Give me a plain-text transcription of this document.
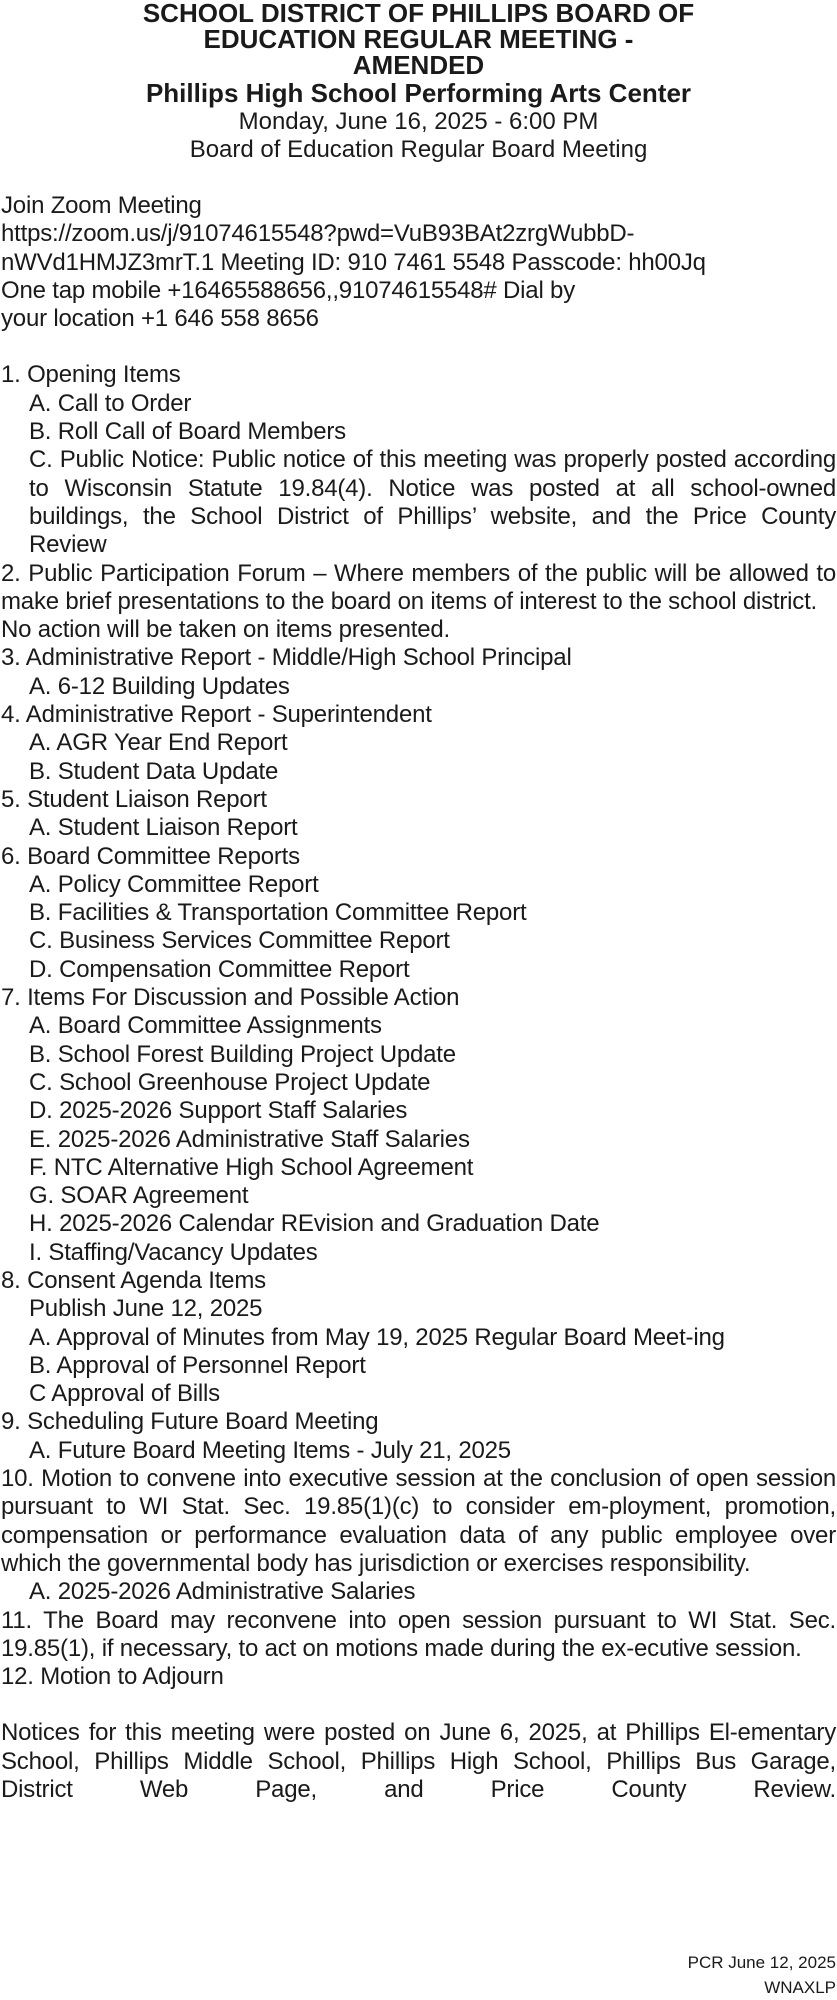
SCHOOL DISTRICT OF PHILLIPS BOARD OF
EDUCATION REGULAR MEETING -
AMENDED
Phillips High School Performing Arts Center
Monday, June 16, 2025 - 6:00 PM
Board of Education Regular Board Meeting
Join Zoom Meeting
https://zoom.us/j/91074615548?pwd=VuB93BAt2zrgWubbD-
nWVd1HMJZ3mrT.1 Meeting ID: 910 7461 5548 Passcode: hh00Jq
One tap mobile +16465588656,,91074615548# Dial by
your location +1 646 558 8656

1. Opening Items

A. Call to Order

B. Roll Call of Board Members

C. Public Notice: Public notice of this meeting was properly posted according to Wisconsin Statute 19.84(4). Notice was posted at all school-owned buildings, the School District of Phillips’ website, and the Price County Review

2. Public Participation Forum – Where members of the public will be allowed to make brief presentations to the board on items of interest to the school district.

No action will be taken on items presented.

3. Administrative Report - Middle/High School Principal

A. 6-12 Building Updates

4. Administrative Report - Superintendent

A. AGR Year End Report

B. Student Data Update

5. Student Liaison Report

A. Student Liaison Report

6. Board Committee Reports

A. Policy Committee Report

B. Facilities & Transportation Committee Report

C. Business Services Committee Report

D. Compensation Committee Report

7. Items For Discussion and Possible Action

A. Board Committee Assignments

B. School Forest Building Project Update

C. School Greenhouse Project Update

D. 2025-2026 Support Staff Salaries

E. 2025-2026 Administrative Staff Salaries

F. NTC Alternative High School Agreement

G. SOAR Agreement

H. 2025-2026 Calendar REvision and Graduation Date

I. Staffing/Vacancy Updates

8. Consent Agenda Items

Publish June 12, 2025

A. Approval of Minutes from May 19, 2025 Regular Board Meet-ing

B. Approval of Personnel Report

C Approval of Bills

9. Scheduling Future Board Meeting

A. Future Board Meeting Items - July 21, 2025

10. Motion to convene into executive session at the conclusion of open session pursuant to WI Stat. Sec. 19.85(1)(c) to consider em-ployment, promotion, compensation or performance evaluation data of any public employee over which the governmental body has jurisdiction or exercises responsibility.

A. 2025-2026 Administrative Salaries

11. The Board may reconvene into open session pursuant to WI Stat. Sec. 19.85(1), if necessary, to act on motions made during the ex-ecutive session.

12. Motion to Adjourn

Notices for this meeting were posted on June 6, 2025, at Phillips El-ementary School, Phillips Middle School, Phillips High School, Phillips Bus Garage, District Web Page, and Price County Review.
PCR June 12, 2025
WNAXLP
